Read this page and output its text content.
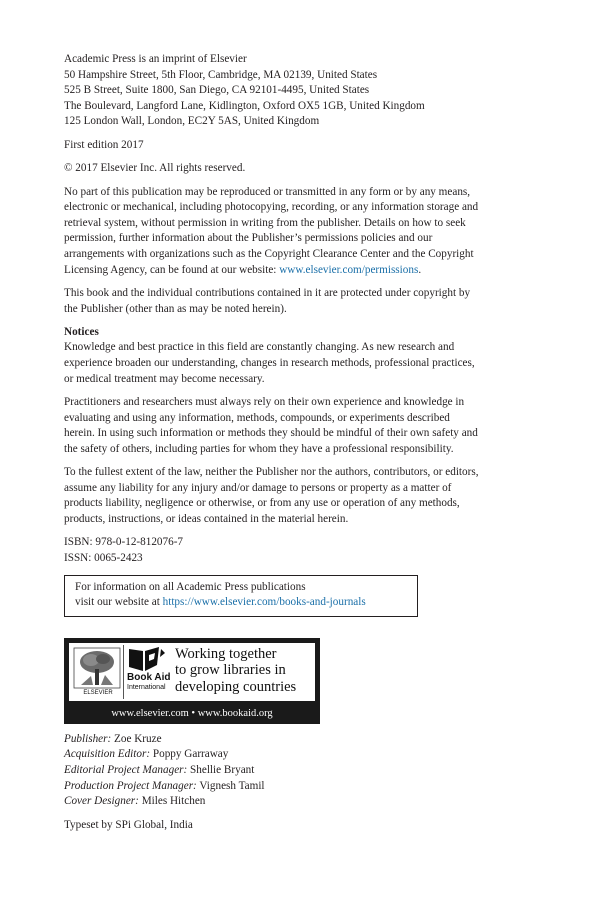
Academic Press is an imprint of Elsevier
50 Hampshire Street, 5th Floor, Cambridge, MA 02139, United States
525 B Street, Suite 1800, San Diego, CA 92101-4495, United States
The Boulevard, Langford Lane, Kidlington, Oxford OX5 1GB, United Kingdom
125 London Wall, London, EC2Y 5AS, United Kingdom

First edition 2017

© 2017 Elsevier Inc. All rights reserved.

No part of this publication may be reproduced or transmitted in any form or by any means,
electronic or mechanical, including photocopying, recording, or any information storage and
retrieval system, without permission in writing from the publisher. Details on how to seek
permission, further information about the Publisher’s permissions policies and our
arrangements with organizations such as the Copyright Clearance Center and the Copyright
Licensing Agency, can be found at our website: www.elsevier.com/permissions.
This book and the individual contributions contained in it are protected under copyright by
the Publisher (other than as may be noted herein).
Notices
Knowledge and best practice in this field are constantly changing. As new research and
experience broaden our understanding, changes in research methods, professional practices,
or medical treatment may become necessary.
Practitioners and researchers must always rely on their own experience and knowledge in
evaluating and using any information, methods, compounds, or experiments described
herein. In using such information or methods they should be mindful of their own safety and
the safety of others, including parties for whom they have a professional responsibility.
To the fullest extent of the law, neither the Publisher nor the authors, contributors, or editors,
assume any liability for any injury and/or damage to persons or property as a matter of
products liability, negligence or otherwise, or from any use or operation of any methods,
products, instructions, or ideas contained in the material herein.
ISBN: 978-0-12-812076-7
ISSN: 0065-2423
For information on all Academic Press publications
visit our website at https://www.elsevier.com/books-and-journals
ELSEVIER
Book Aid
International
Working together
to grow libraries in
developing countries
www.elsevier.com • www.bookaid.org
Publisher: Zoe Kruze
Acquisition Editor: Poppy Garraway
Editorial Project Manager: Shellie Bryant
Production Project Manager: Vignesh Tamil
Cover Designer: Miles Hitchen
Typeset by SPi Global, India
